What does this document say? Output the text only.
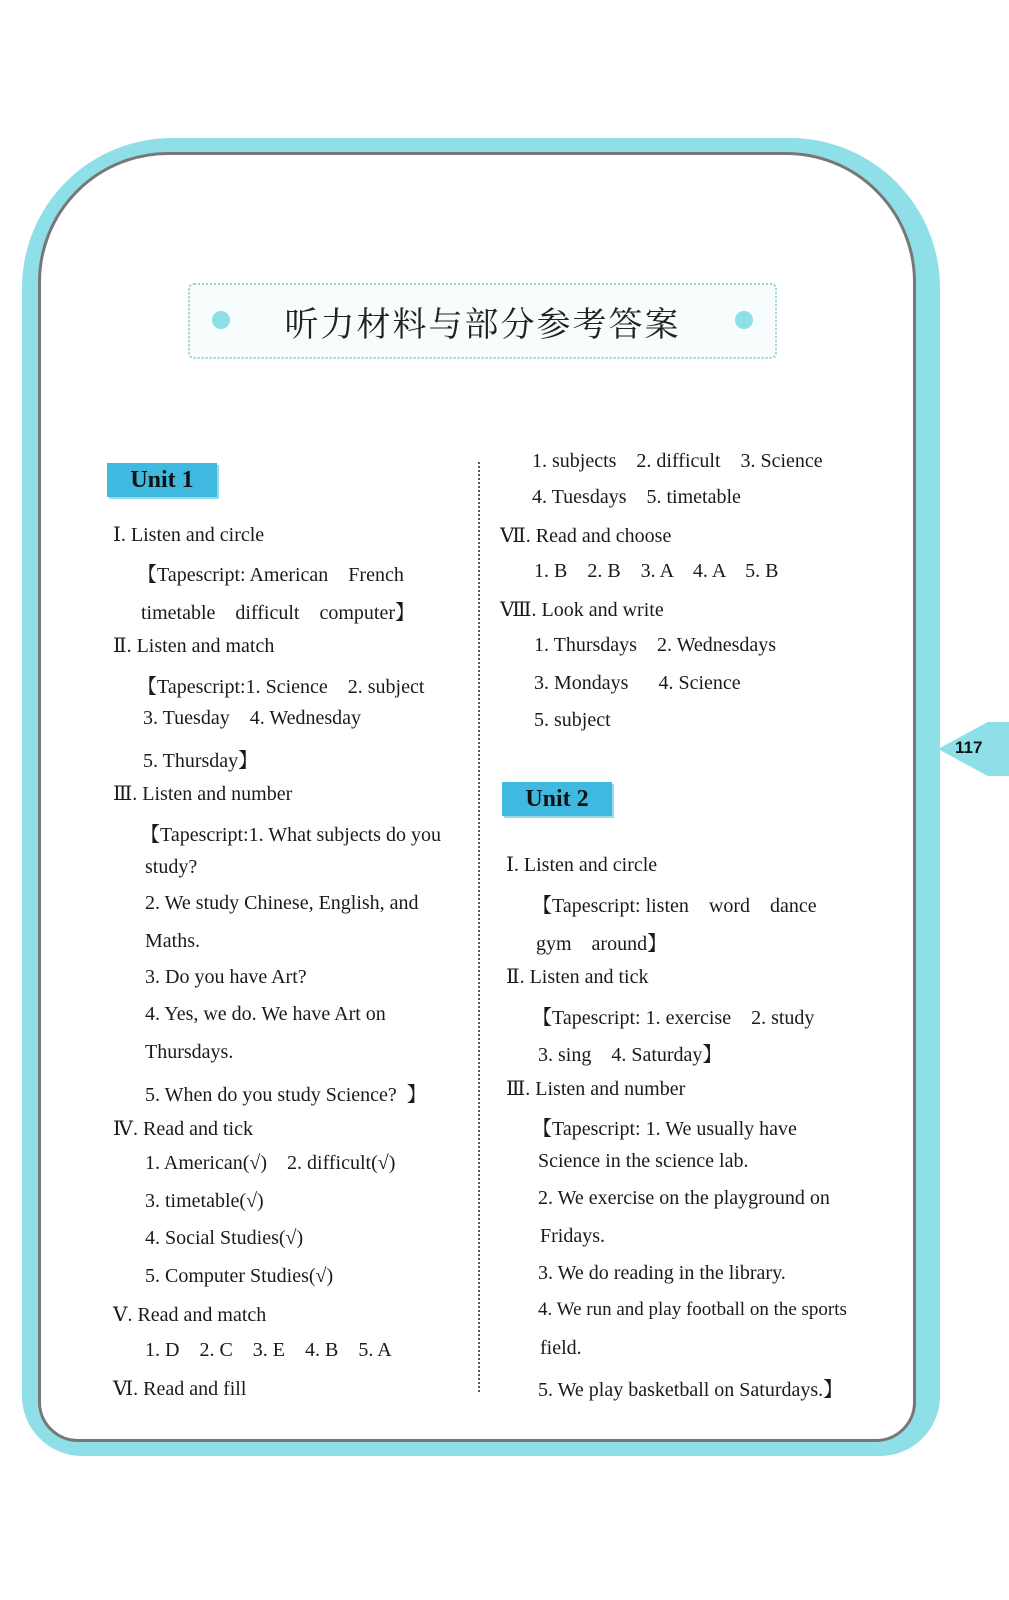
听力材料与部分参考答案
Unit 1
Unit 2
Ⅰ. Listen and circle
【Tapescript: American    French
timetable    difficult    computer】
Ⅱ. Listen and match
【Tapescript:1. Science    2. subject
3. Tuesday    4. Wednesday
5. Thursday】
Ⅲ. Listen and number
【Tapescript:1. What subjects do you
study?
2. We study Chinese, English, and
Maths.
3. Do you have Art?
4. Yes, we do. We have Art on
Thursdays.
5. When do you study Science?  】
Ⅳ. Read and tick
1. American(√)    2. difficult(√)
3. timetable(√)
4. Social Studies(√)
5. Computer Studies(√)
Ⅴ. Read and match
1. D    2. C    3. E    4. B    5. A
Ⅵ. Read and fill
1. subjects    2. difficult    3. Science
4. Tuesdays    5. timetable
Ⅶ. Read and choose
1. B    2. B    3. A    4. A    5. B
Ⅷ. Look and write
1. Thursdays    2. Wednesdays
3. Mondays      4. Science
5. subject
Ⅰ. Listen and circle
【Tapescript: listen    word    dance
gym    around】
Ⅱ. Listen and tick
【Tapescript: 1. exercise    2. study
3. sing    4. Saturday】
Ⅲ. Listen and number
【Tapescript: 1. We usually have
Science in the science lab.
2. We exercise on the playground on
Fridays.
3. We do reading in the library.
4. We run and play football on the sports
field.
5. We play basketball on Saturdays.】
117
